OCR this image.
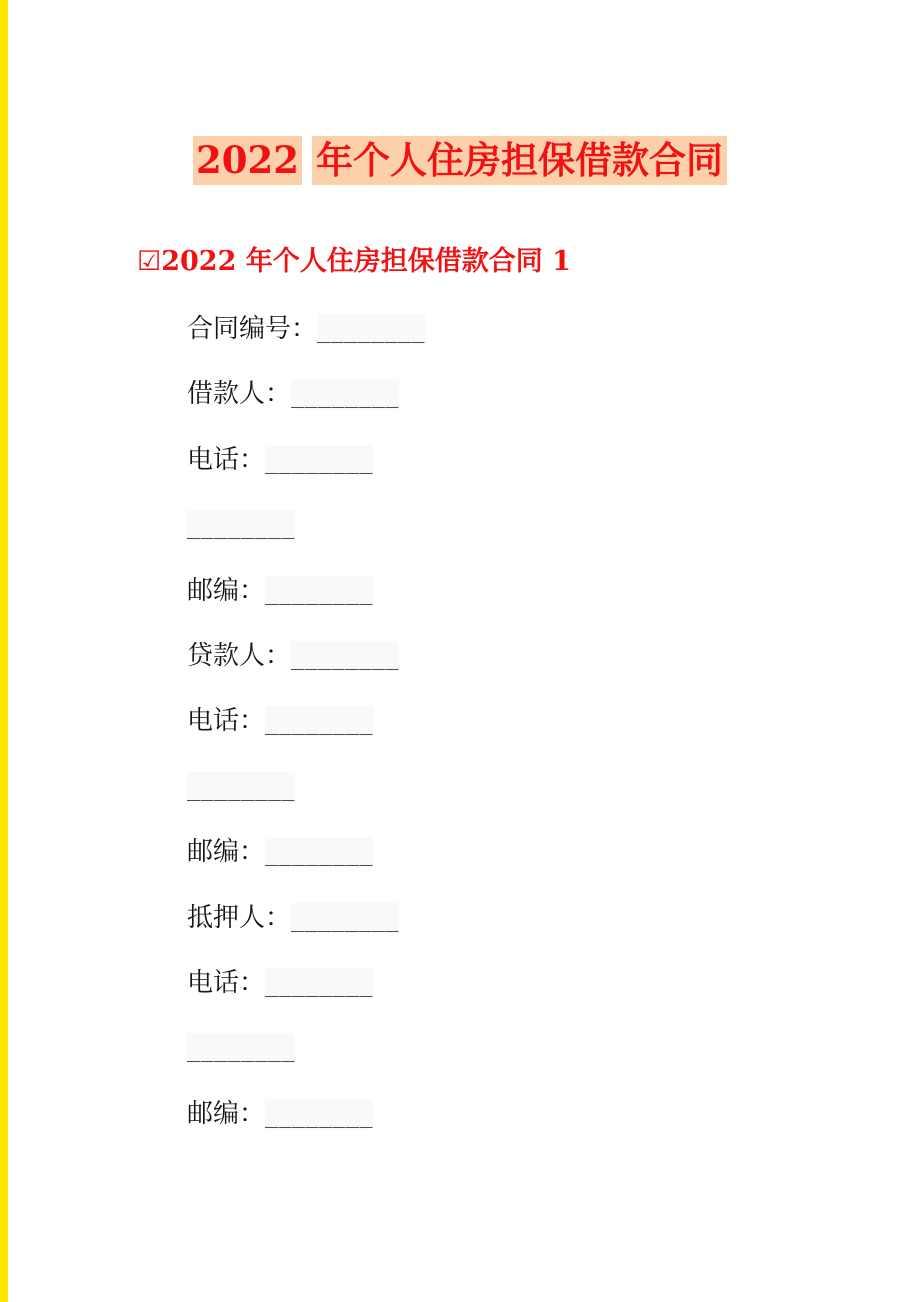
2022 年个人住房担保借款合同
☑2022 年个人住房担保借款合同 1

合同编号：________

借款人：________

电话：________

________

邮编：________

贷款人：________

电话：________

________

邮编：________

抵押人：________

电话：________

________

邮编：________
